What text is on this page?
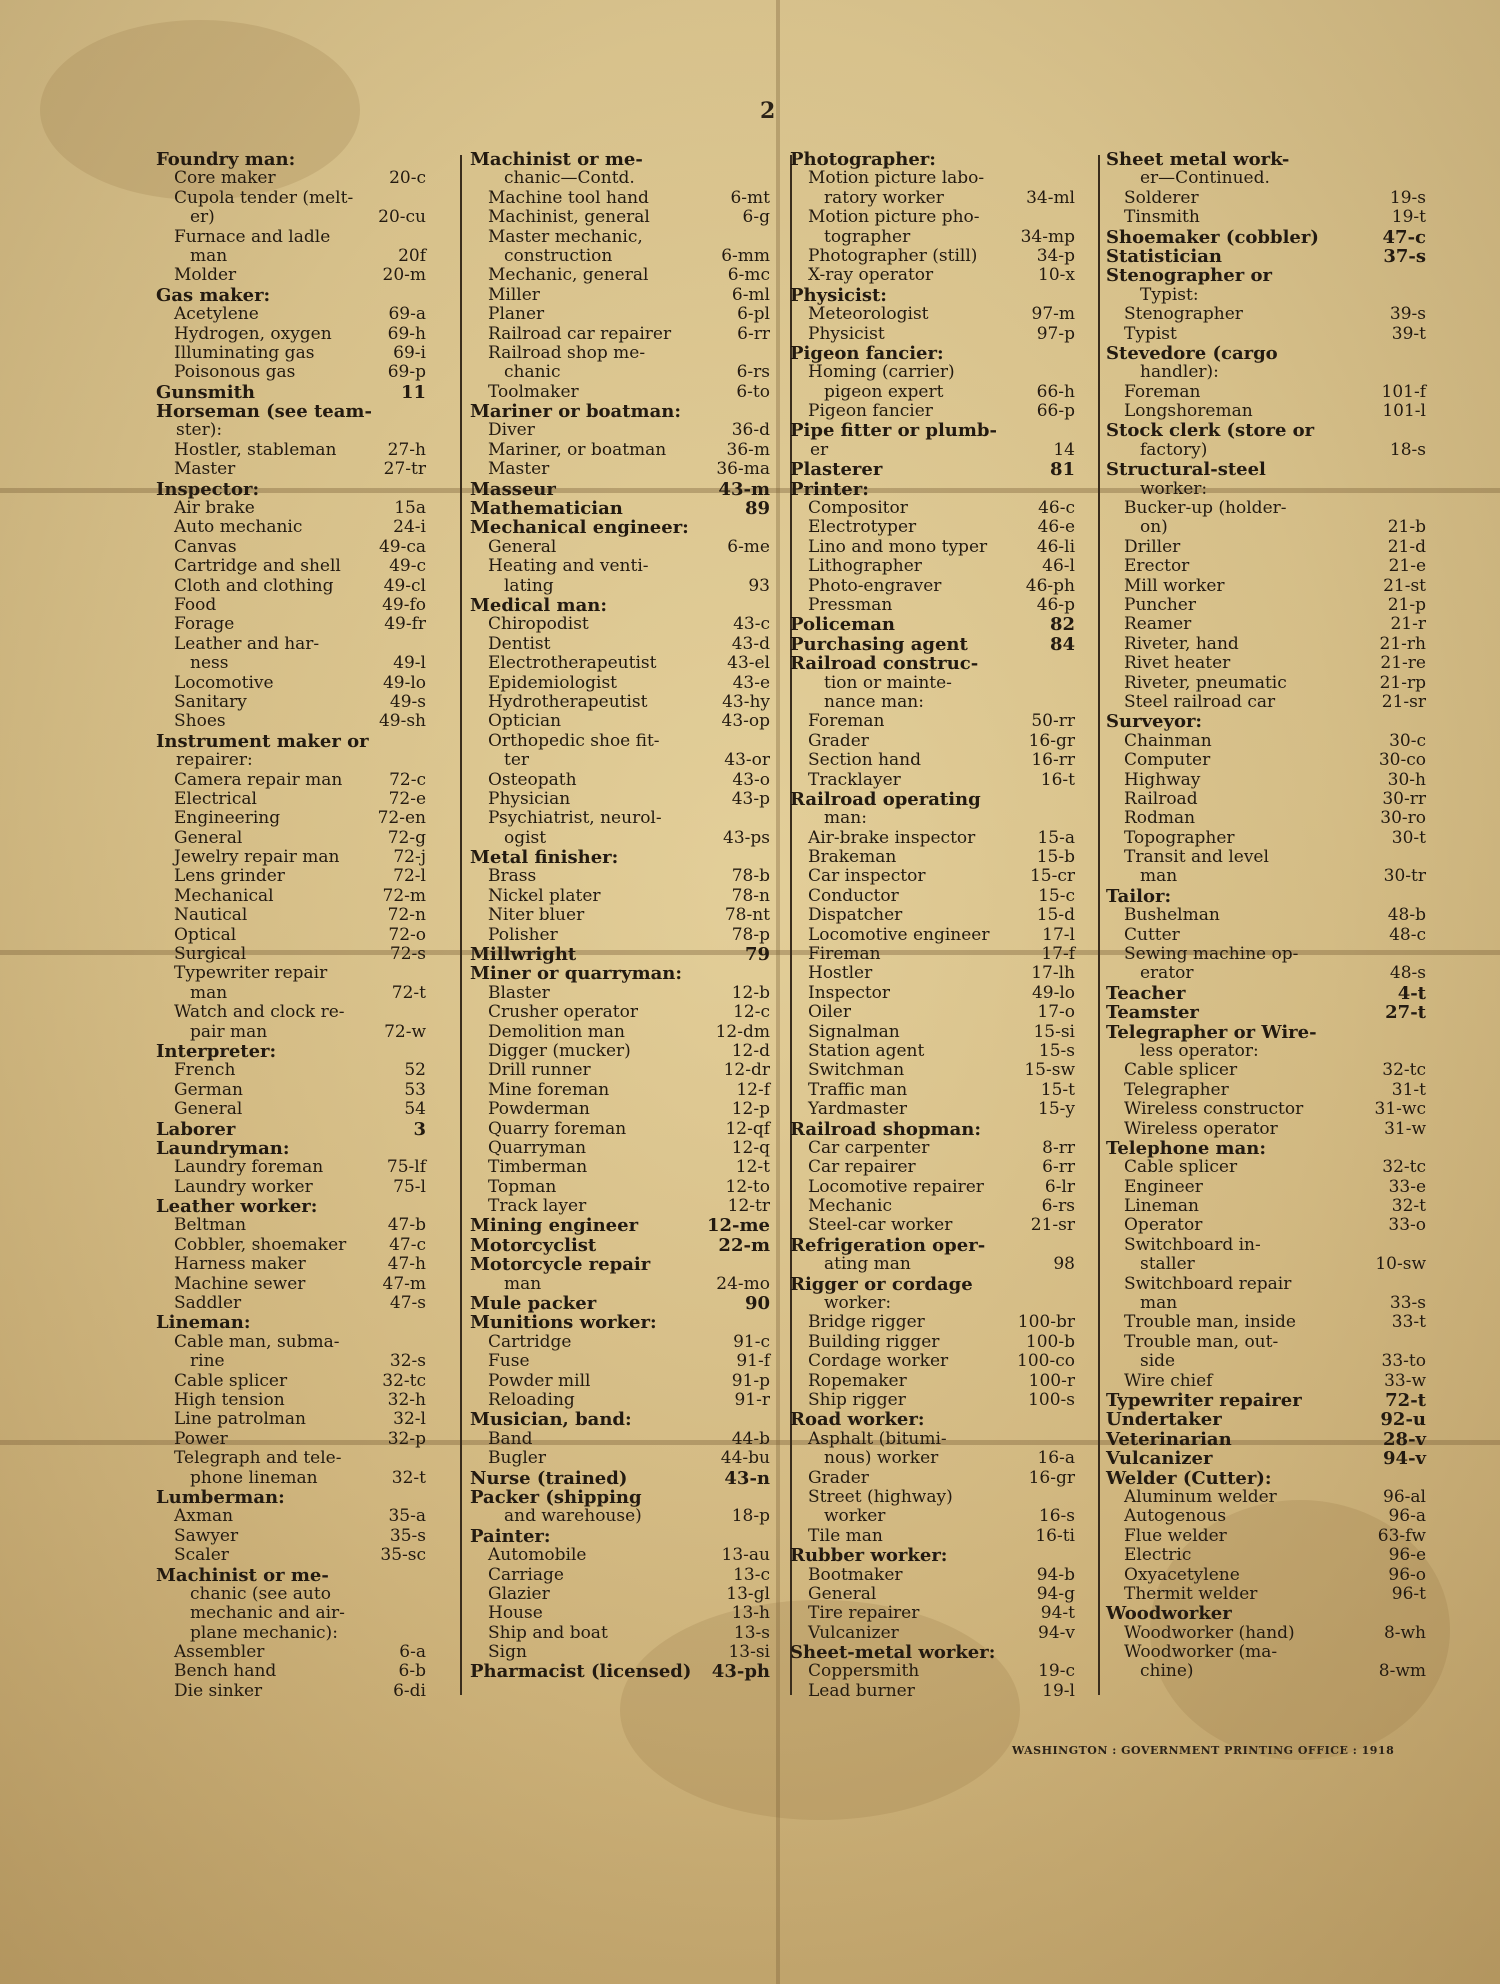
2
Foundry man:
Core maker	20-c
Cupola tender (melt-
er)	20-cu
Furnace and ladle
man	20f
Molder	20-m
Gas maker:
Acetylene	69-a
Hydrogen, oxygen	69-h
Illuminating gas	69-i
Poisonous gas	69-p
Gunsmith	11
Horseman (see team-
ster):
Hostler, stableman	27-h
Master	27-tr
Inspector:
Air brake	15a
Auto mechanic	24-i
Canvas	49-ca
Cartridge and shell	49-c
Cloth and clothing	49-cl
Food	49-fo
Forage	49-fr
Leather and har-
ness	49-l
Locomotive	49-lo
Sanitary	49-s
Shoes	49-sh
Instrument maker or
repairer:
Camera repair man	72-c
Electrical	72-e
Engineering	72-en
General	72-g
Jewelry repair man	72-j
Lens grinder	72-l
Mechanical	72-m
Nautical	72-n
Optical	72-o
Surgical	72-s
Typewriter repair
man	72-t
Watch and clock re-
pair man	72-w
Interpreter:
French	52
German	53
General	54
Laborer	3
Laundryman:
Laundry foreman	75-lf
Laundry worker	75-l
Leather worker:
Beltman	47-b
Cobbler, shoemaker	47-c
Harness maker	47-h
Machine sewer	47-m
Saddler	47-s
Lineman:
Cable man, subma-
rine	32-s
Cable splicer	32-tc
High tension	32-h
Line patrolman	32-l
Power	32-p
Telegraph and tele-
phone lineman	32-t
Lumberman:
Axman	35-a
Sawyer	35-s
Scaler	35-sc
Machinist or me-
chanic (see auto
mechanic and air-
plane mechanic):
Assembler	6-a
Bench hand	6-b
Die sinker	6-di
Machinist or me-
chanic—Contd.
Machine tool hand	6-mt
Machinist, general	6-g
Master mechanic,
construction	6-mm
Mechanic, general	6-mc
Miller	6-ml
Planer	6-pl
Railroad car repairer	6-rr
Railroad shop me-
chanic	6-rs
Toolmaker	6-to
Mariner or boatman:
Diver	36-d
Mariner, or boatman	36-m
Master	36-ma
Masseur	43-m
Mathematician	89
Mechanical engineer:
General	6-me
Heating and venti-
lating	93
Medical man:
Chiropodist	43-c
Dentist	43-d
Electrotherapeutist	43-el
Epidemiologist	43-e
Hydrotherapeutist	43-hy
Optician	43-op
Orthopedic shoe fit-
ter	43-or
Osteopath	43-o
Physician	43-p
Psychiatrist, neurol-
ogist	43-ps
Metal finisher:
Brass	78-b
Nickel plater	78-n
Niter bluer	78-nt
Polisher	78-p
Millwright	79
Miner or quarryman:
Blaster	12-b
Crusher operator	12-c
Demolition man	12-dm
Digger (mucker)	12-d
Drill runner	12-dr
Mine foreman	12-f
Powderman	12-p
Quarry foreman	12-qf
Quarryman	12-q
Timberman	12-t
Topman	12-to
Track layer	12-tr
Mining engineer	12-me
Motorcyclist	22-m
Motorcycle repair
man	24-mo
Mule packer	90
Munitions worker:
Cartridge	91-c
Fuse	91-f
Powder mill	91-p
Reloading	91-r
Musician, band:
Band	44-b
Bugler	44-bu
Nurse (trained)	43-n
Packer (shipping
and warehouse)	18-p
Painter:
Automobile	13-au
Carriage	13-c
Glazier	13-gl
House	13-h
Ship and boat	13-s
Sign	13-si
Pharmacist (licensed) 43-ph
Photographer:
Motion picture labo-
ratory worker	34-ml
Motion picture pho-
tographer	34-mp
Photographer (still)	34-p
X-ray operator	10-x
Physicist:
Meteorologist	97-m
Physicist	97-p
Pigeon fancier:
Homing (carrier)
pigeon expert	66-h
Pigeon fancier	66-p
Pipe fitter or plumb-
er	14
Plasterer	81
Printer:
Compositor	46-c
Electrotyper	46-e
Lino and mono typer	46-li
Lithographer	46-l
Photo-engraver	46-ph
Pressman	46-p
Policeman	82
Purchasing agent	84
Railroad construc-
tion or mainte-
nance man:
Foreman	50-rr
Grader	16-gr
Section hand	16-rr
Tracklayer	16-t
Railroad operating
man:
Air-brake inspector	15-a
Brakeman	15-b
Car inspector	15-cr
Conductor	15-c
Dispatcher	15-d
Locomotive engineer	17-l
Fireman	17-f
Hostler	17-lh
Inspector	49-lo
Oiler	17-o
Signalman	15-si
Station agent	15-s
Switchman	15-sw
Traffic man	15-t
Yardmaster	15-y
Railroad shopman:
Car carpenter	8-rr
Car repairer	6-rr
Locomotive repairer	6-lr
Mechanic	6-rs
Steel-car worker	21-sr
Refrigeration oper-
ating man	98
Rigger or cordage
worker:
Bridge rigger	100-br
Building rigger	100-b
Cordage worker	100-co
Ropemaker	100-r
Ship rigger	100-s
Road worker:
Asphalt (bitumi-
nous) worker	16-a
Grader	16-gr
Street (highway)
worker	16-s
Tile man	16-ti
Rubber worker:
Bootmaker	94-b
General	94-g
Tire repairer	94-t
Vulcanizer	94-v
Sheet-metal worker:
Coppersmith	19-c
Lead burner	19-l
Sheet metal work-
er—Continued.
Solderer	19-s
Tinsmith	19-t
Shoemaker (cobbler)	47-c
Statistician	37-s
Stenographer or
Typist:
Stenographer	39-s
Typist	39-t
Stevedore (cargo
handler):
Foreman	101-f
Longshoreman	101-l
Stock clerk (store or
factory)	18-s
Structural-steel
worker:
Bucker-up (holder-
on)	21-b
Driller	21-d
Erector	21-e
Mill worker	21-st
Puncher	21-p
Reamer	21-r
Riveter, hand	21-rh
Rivet heater	21-re
Riveter, pneumatic	21-rp
Steel railroad car	21-sr
Surveyor:
Chainman	30-c
Computer	30-co
Highway	30-h
Railroad	30-rr
Rodman	30-ro
Topographer	30-t
Transit and level
man	30-tr
Tailor:
Bushelman	48-b
Cutter	48-c
Sewing machine op-
erator	48-s
Teacher	4-t
Teamster	27-t
Telegrapher or Wire-
less operator:
Cable splicer	32-tc
Telegrapher	31-t
Wireless constructor	31-wc
Wireless operator	31-w
Telephone man:
Cable splicer	32-tc
Engineer	33-e
Lineman	32-t
Operator	33-o
Switchboard in-
staller	10-sw
Switchboard repair
man	33-s
Trouble man, inside	33-t
Trouble man, out-
side	33-to
Wire chief	33-w
Typewriter repairer	72-t
Undertaker	92-u
Veterinarian	28-v
Vulcanizer	94-v
Welder (Cutter):
Aluminum welder	96-al
Autogenous	96-a
Flue welder	63-fw
Electric	96-e
Oxyacetylene	96-o
Thermit welder	96-t
Woodworker
Woodworker (hand)	8-wh
Woodworker (ma-
chine)	8-wm
WASHINGTON : GOVERNMENT PRINTING OFFICE : 1918
